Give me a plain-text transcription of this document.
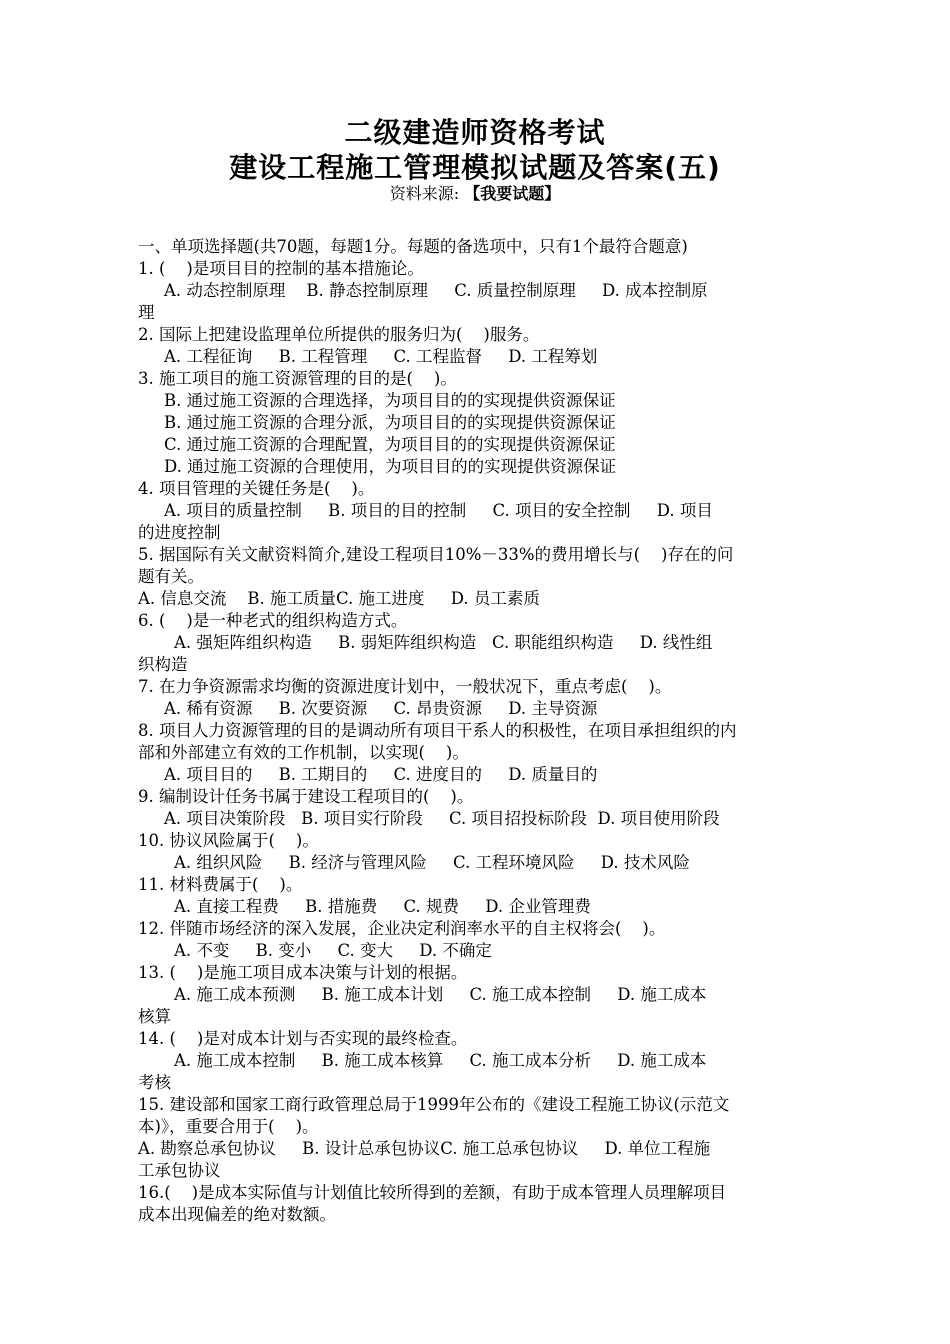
二级建造师资格考试
建设工程施工管理模拟试题及答案(五)
资料来源: 【我要试题】
一、单项选择题(共70题，每题1分。每题的备选项中，只有1个最符合题意)
1. (    )是项目目的控制的基本措施论。
A. 动态控制原理    B. 静态控制原理     C. 质量控制原理     D. 成本控制原
理
2. 国际上把建设监理单位所提供的服务归为(    )服务。
A. 工程征询     B. 工程管理     C. 工程监督     D. 工程筹划
3. 施工项目的施工资源管理的目的是(    )。
B. 通过施工资源的合理选择，为项目目的的实现提供资源保证
B. 通过施工资源的合理分派，为项目目的的实现提供资源保证
C. 通过施工资源的合理配置，为项目目的的实现提供资源保证
D. 通过施工资源的合理使用，为项目目的的实现提供资源保证
4. 项目管理的关键任务是(    )。
A. 项目的质量控制     B. 项目的目的控制     C. 项目的安全控制     D. 项目
的进度控制
5. 据国际有关文献资料简介,建设工程项目10%－33%的费用增长与(    )存在的问
题有关。
A. 信息交流    B. 施工质量C. 施工进度     D. 员工素质
6. (    )是一种老式的组织构造方式。
A. 强矩阵组织构造     B. 弱矩阵组织构造   C. 职能组织构造     D. 线性组
织构造
7. 在力争资源需求均衡的资源进度计划中，一般状况下，重点考虑(    )。
A. 稀有资源     B. 次要资源     C. 昂贵资源     D. 主导资源
8. 项目人力资源管理的目的是调动所有项目干系人的积极性，在项目承担组织的内
部和外部建立有效的工作机制，以实现(    )。
A. 项目目的     B. 工期目的     C. 进度目的     D. 质量目的
9. 编制设计任务书属于建设工程项目的(    )。
A. 项目决策阶段   B. 项目实行阶段     C. 项目招投标阶段  D. 项目使用阶段
10. 协议风险属于(    )。
A. 组织风险     B. 经济与管理风险     C. 工程环境风险     D. 技术风险
11. 材料费属于(    )。
A. 直接工程费     B. 措施费     C. 规费     D. 企业管理费
12. 伴随市场经济的深入发展，企业决定利润率水平的自主权将会(    )。
A. 不变     B. 变小     C. 变大     D. 不确定
13. (    )是施工项目成本决策与计划的根据。
A. 施工成本预测     B. 施工成本计划     C. 施工成本控制     D. 施工成本
核算
14. (    )是对成本计划与否实现的最终检查。
A. 施工成本控制     B. 施工成本核算     C. 施工成本分析     D. 施工成本
考核
15. 建设部和国家工商行政管理总局于1999年公布的《建设工程施工协议(示范文
本)》，重要合用于(    )。
A. 勘察总承包协议     B. 设计总承包协议C. 施工总承包协议     D. 单位工程施
工承包协议
16.(    )是成本实际值与计划值比较所得到的差额，有助于成本管理人员理解项目
成本出现偏差的绝对数额。
